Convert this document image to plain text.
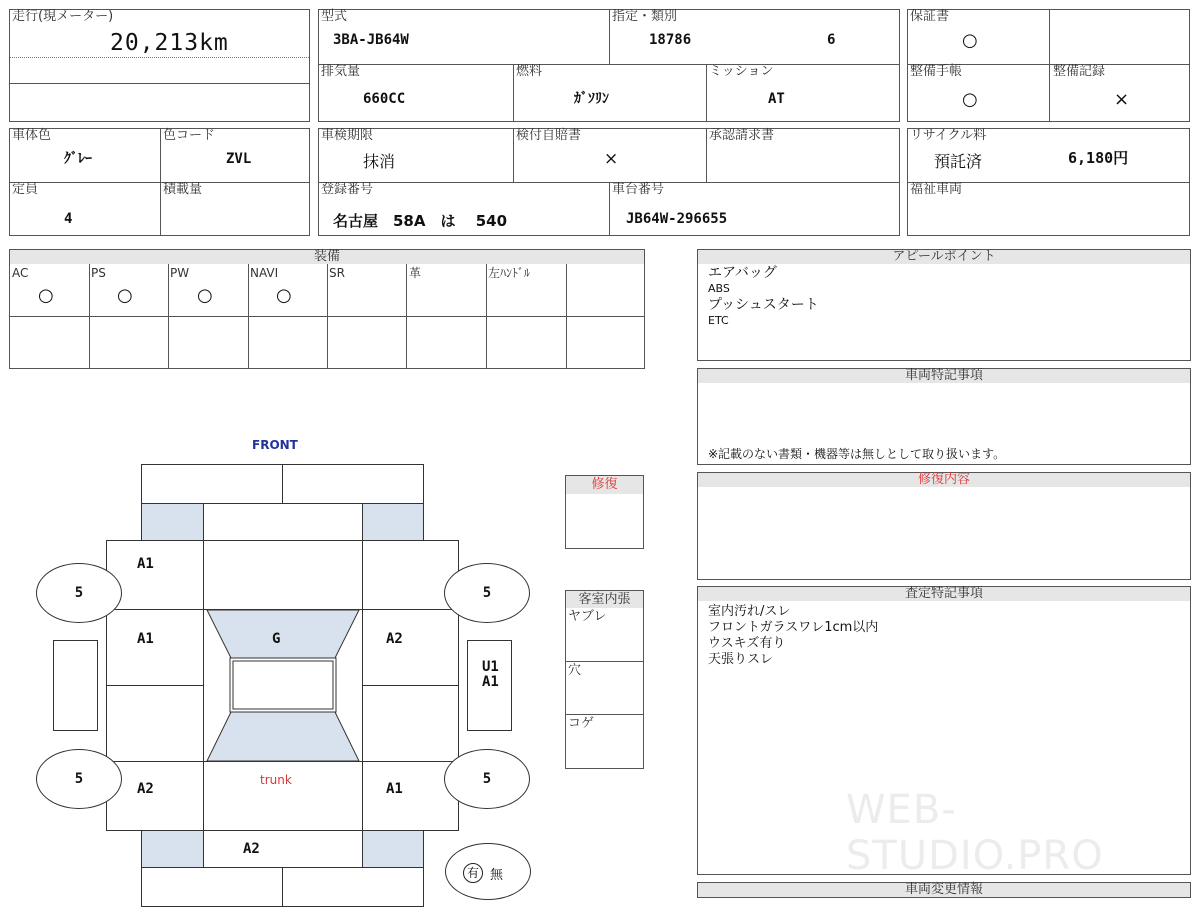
走行(現メーター)
20,213km
型式
3BA-JB64W
指定・類別
18786	6
排気量
660CC
燃料
ｶﾞｿﾘﾝ
ミッション
AT
保証書
○
整備手帳
○
整備記録
×
車体色
ｸﾞﾚｰ
色コード
ZVL
定員
4
積載量
車検期限
抹消
検付自賠書
×
承認請求書
登録番号
名古屋　58A　は　 540
車台番号
JB64W-296655
リサイクル料
預託済	6,180円
福祉車両
装備
AC
○
PS
○
PW
○
NAVI
○
SR	革	左ﾊﾝﾄﾞﾙ
アピールポイント
エアバッグ
ABS
プッシュスタート
ETC
車両特記事項
※記載のない書類・機器等は無しとして取り扱います。
修復内容
査定特記事項
室内汚れ/スレ
フロントガラスワレ1cm以内
ウスキズ有り
天張りスレ
WEB-STUDIO.PRO
車両変更情報
修復
客室内張
ヤブレ
穴
コゲ
FRONT
5	5
5	5
A1
A1	G	A2
U1
A1
A2	A1
A2
trunk
有 無
